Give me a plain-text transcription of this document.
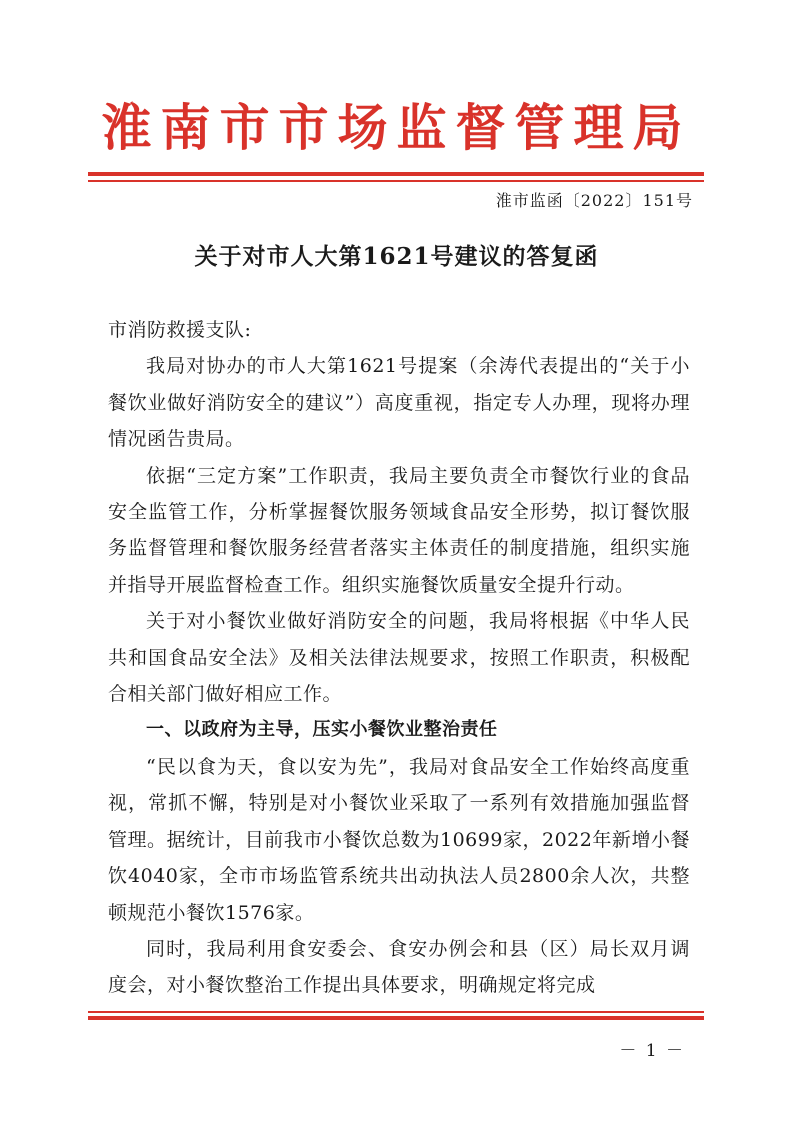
淮南市市场监督管理局
淮市监函〔2022〕151号
关于对市人大第1621号建议的答复函

市消防救援支队:

我局对协办的市人大第1621号提案（余涛代表提出的“关于小餐饮业做好消防安全的建议”）高度重视，指定专人办理，现将办理情况函告贵局。

依据“三定方案”工作职责，我局主要负责全市餐饮行业的食品安全监管工作，分析掌握餐饮服务领域食品安全形势，拟订餐饮服务监督管理和餐饮服务经营者落实主体责任的制度措施，组织实施并指导开展监督检查工作。组织实施餐饮质量安全提升行动。

关于对小餐饮业做好消防安全的问题，我局将根据《中华人民共和国食品安全法》及相关法律法规要求，按照工作职责，积极配合相关部门做好相应工作。

一、以政府为主导，压实小餐饮业整治责任

“民以食为天，食以安为先”，我局对食品安全工作始终高度重视，常抓不懈，特别是对小餐饮业采取了一系列有效措施加强监督管理。据统计，目前我市小餐饮总数为10699家，2022年新增小餐饮4040家，全市市场监管系统共出动执法人员2800余人次，共整顿规范小餐饮1576家。

同时，我局利用食安委会、食安办例会和县（区）局长双月调度会，对小餐饮整治工作提出具体要求，明确规定将完成

－ 1 －
